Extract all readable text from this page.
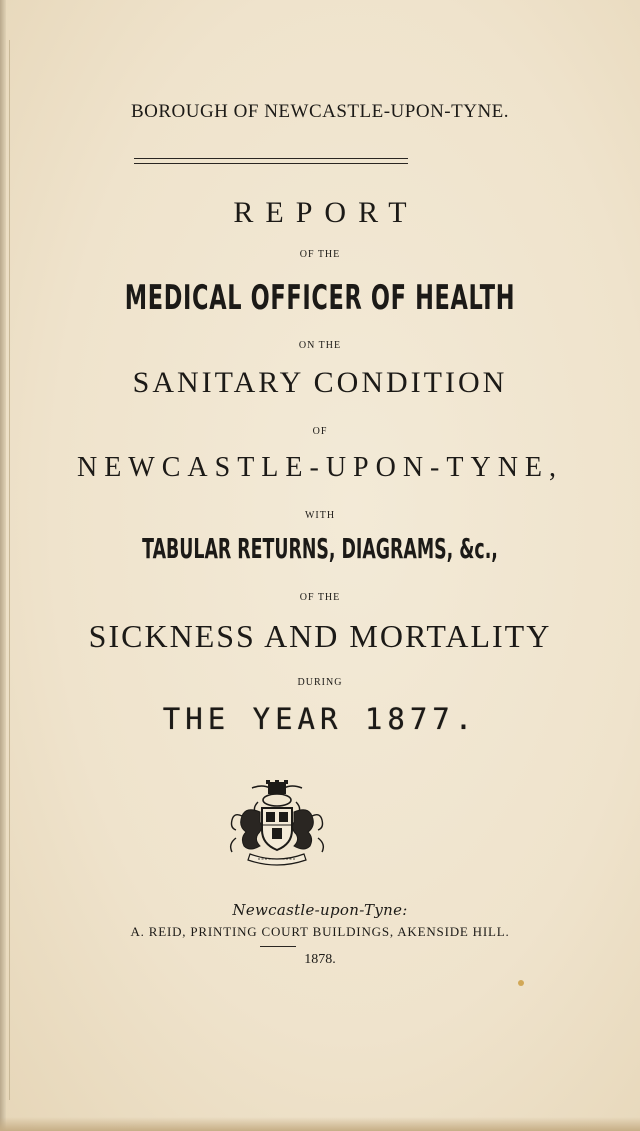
BOROUGH OF NEWCASTLE-UPON-TYNE.
REPORT
OF THE
MEDICAL OFFICER OF HEALTH
ON THE
SANITARY CONDITION
OF
NEWCASTLE-UPON-TYNE,
WITH
TABULAR RETURNS, DIAGRAMS, &c.,
OF THE
SICKNESS AND MORTALITY
DURING
THE YEAR 1877.
Newcastle-upon-Tyne:
A. REID, PRINTING COURT BUILDINGS, AKENSIDE HILL.
1878.
